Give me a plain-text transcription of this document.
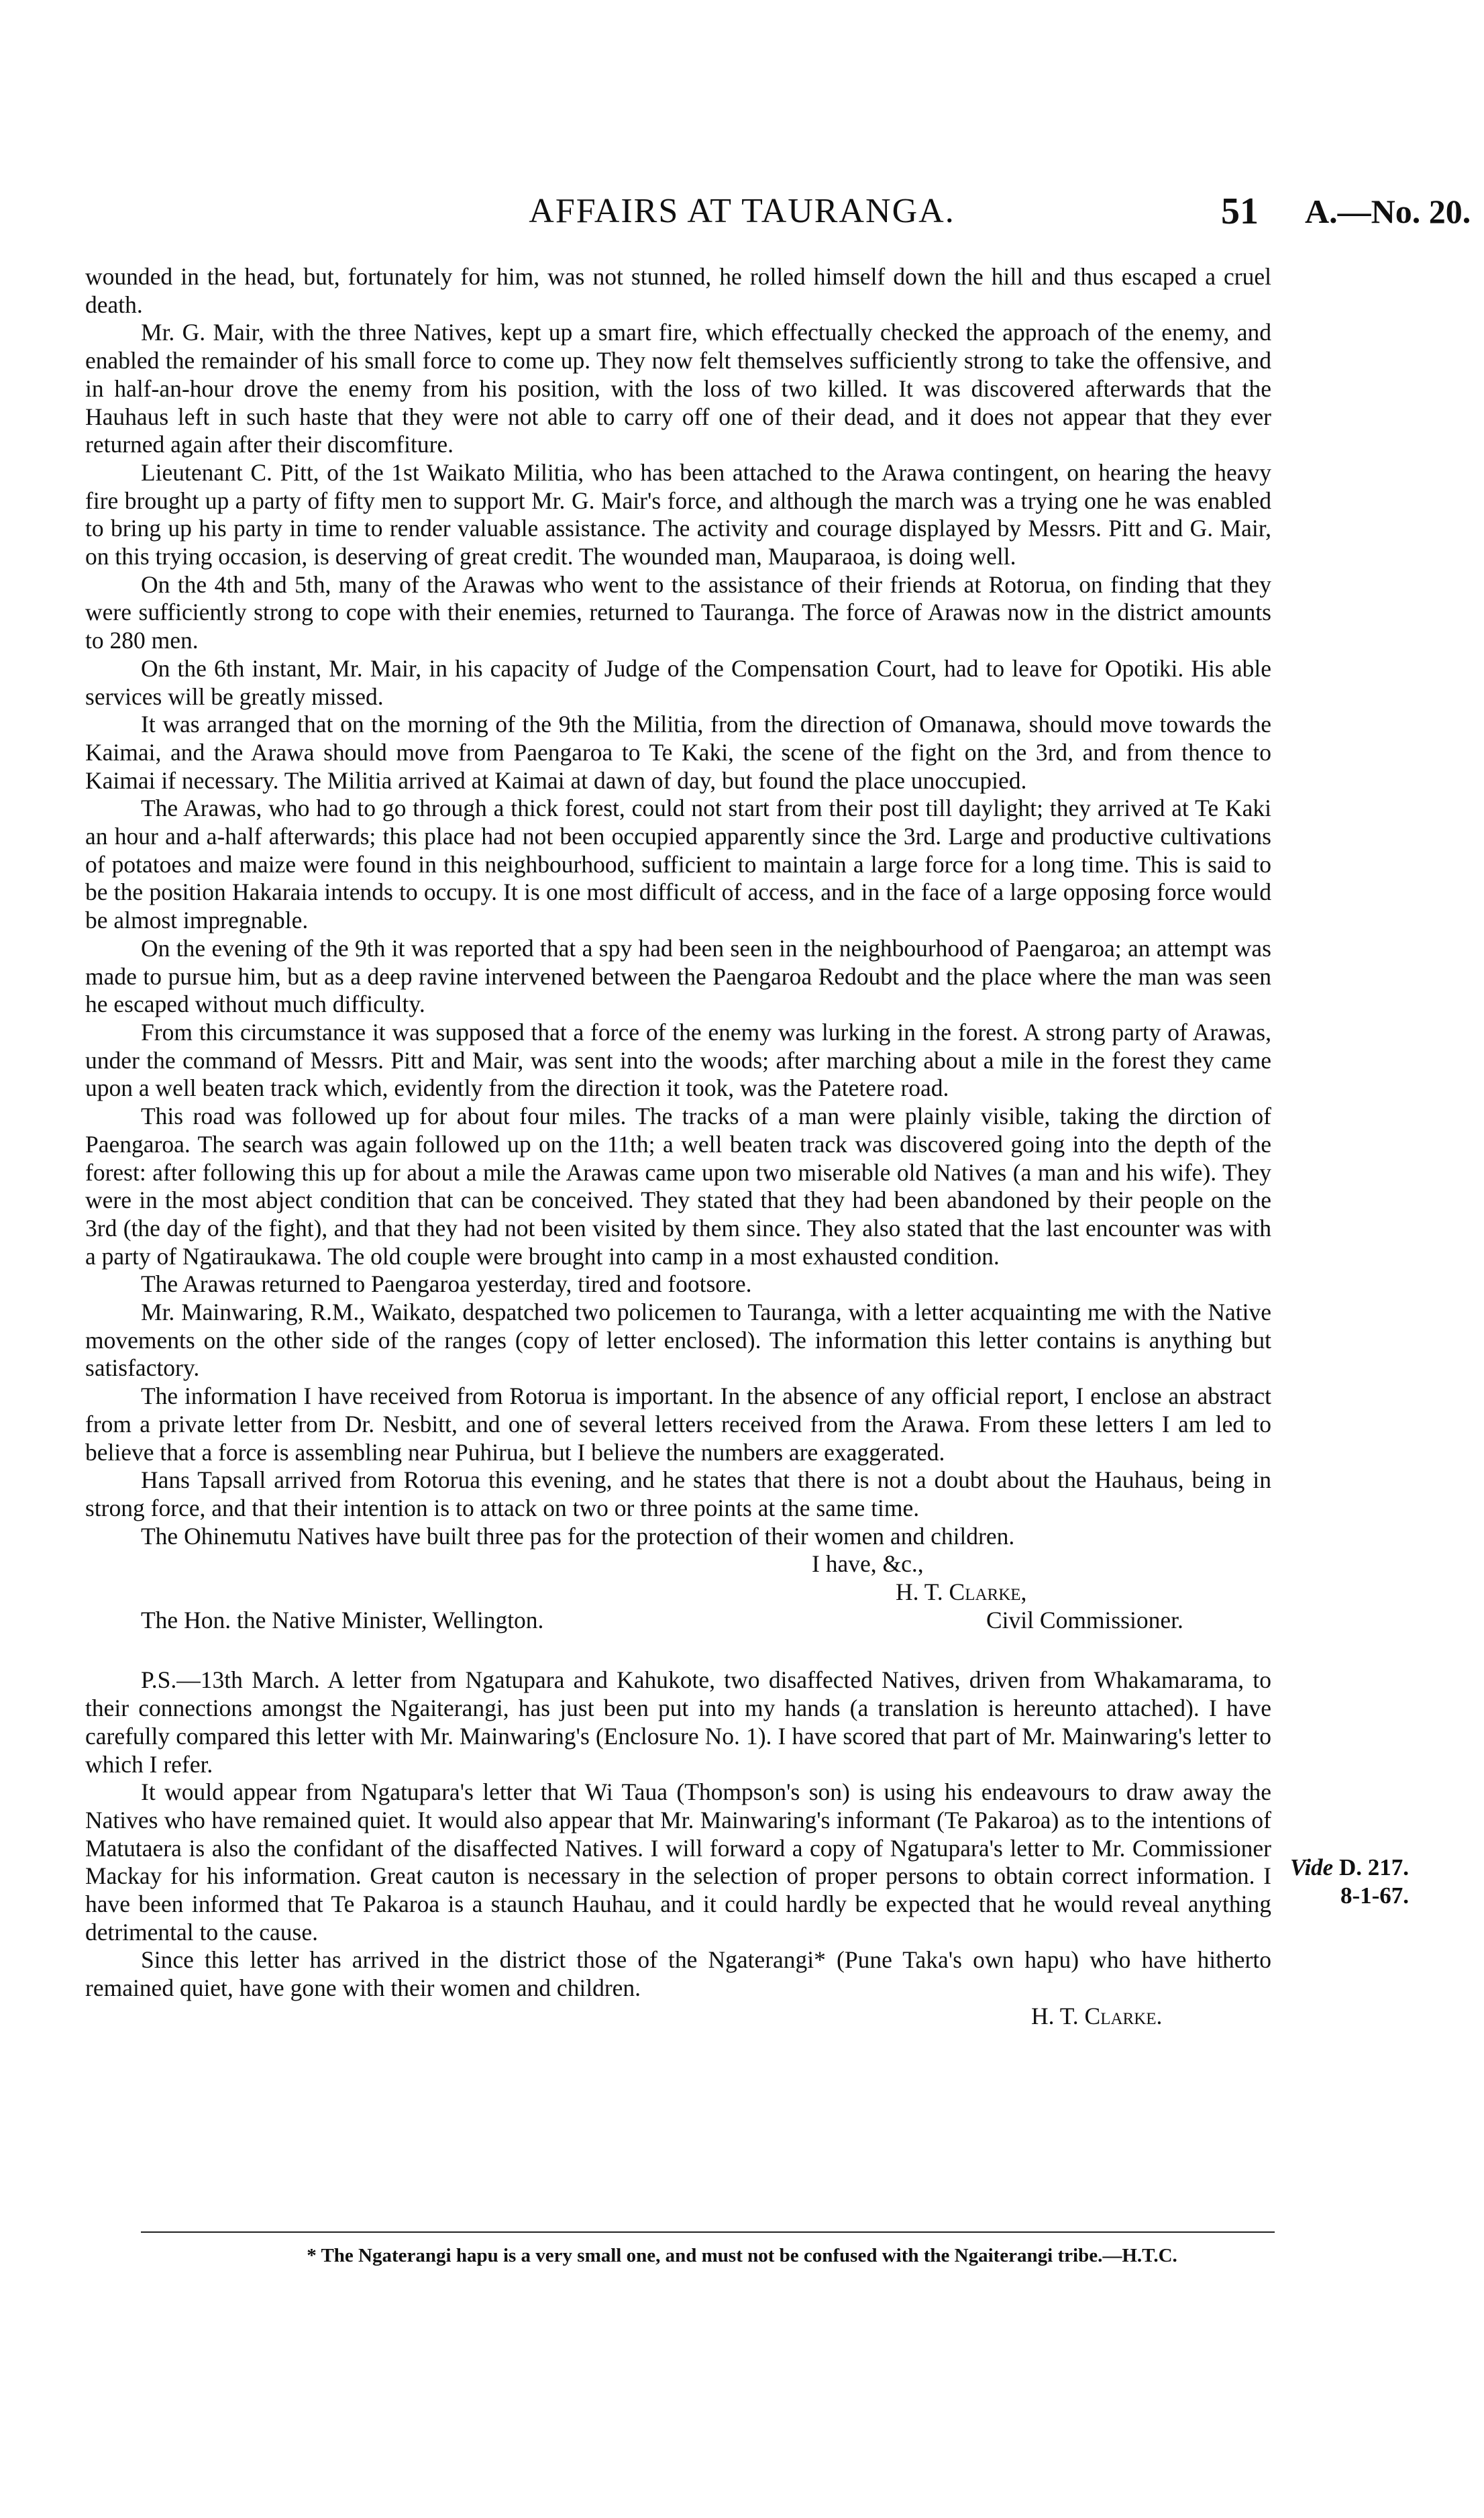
AFFAIRS AT TAURANGA.	51 A.—No. 20.

wounded in the head, but, fortunately for him, was not stunned, he rolled himself down the hill and thus escaped a cruel death.

Mr. G. Mair, with the three Natives, kept up a smart fire, which effectually checked the approach of the enemy, and enabled the remainder of his small force to come up. They now felt themselves sufficiently strong to take the offensive, and in half-an-hour drove the enemy from his position, with the loss of two killed. It was discovered afterwards that the Hauhaus left in such haste that they were not able to carry off one of their dead, and it does not appear that they ever returned again after their discomfiture.

Lieutenant C. Pitt, of the 1st Waikato Militia, who has been attached to the Arawa contingent, on hearing the heavy fire brought up a party of fifty men to support Mr. G. Mair's force, and although the march was a trying one he was enabled to bring up his party in time to render valuable assistance. The activity and courage displayed by Messrs. Pitt and G. Mair, on this trying occasion, is deserving of great credit. The wounded man, Mauparaoa, is doing well.

On the 4th and 5th, many of the Arawas who went to the assistance of their friends at Rotorua, on finding that they were sufficiently strong to cope with their enemies, returned to Tauranga. The force of Arawas now in the district amounts to 280 men.

On the 6th instant, Mr. Mair, in his capacity of Judge of the Compensation Court, had to leave for Opotiki. His able services will be greatly missed.

It was arranged that on the morning of the 9th the Militia, from the direction of Omanawa, should move towards the Kaimai, and the Arawa should move from Paengaroa to Te Kaki, the scene of the fight on the 3rd, and from thence to Kaimai if necessary. The Militia arrived at Kaimai at dawn of day, but found the place unoccupied.

The Arawas, who had to go through a thick forest, could not start from their post till daylight; they arrived at Te Kaki an hour and a-half afterwards; this place had not been occupied apparently since the 3rd. Large and productive cultivations of potatoes and maize were found in this neighbourhood, sufficient to maintain a large force for a long time. This is said to be the position Hakaraia intends to occupy. It is one most difficult of access, and in the face of a large opposing force would be almost impregnable.

On the evening of the 9th it was reported that a spy had been seen in the neighbourhood of Paengaroa; an attempt was made to pursue him, but as a deep ravine intervened between the Paengaroa Redoubt and the place where the man was seen he escaped without much difficulty.

From this circumstance it was supposed that a force of the enemy was lurking in the forest. A strong party of Arawas, under the command of Messrs. Pitt and Mair, was sent into the woods; after marching about a mile in the forest they came upon a well beaten track which, evidently from the direction it took, was the Patetere road.

This road was followed up for about four miles. The tracks of a man were plainly visible, taking the dirction of Paengaroa. The search was again followed up on the 11th; a well beaten track was discovered going into the depth of the forest: after following this up for about a mile the Arawas came upon two miserable old Natives (a man and his wife). They were in the most abject condition that can be conceived. They stated that they had been abandoned by their people on the 3rd (the day of the fight), and that they had not been visited by them since. They also stated that the last encounter was with a party of Ngatiraukawa. The old couple were brought into camp in a most exhausted condition.

The Arawas returned to Paengaroa yesterday, tired and footsore.

Mr. Mainwaring, R.M., Waikato, despatched two policemen to Tauranga, with a letter acquainting me with the Native movements on the other side of the ranges (copy of letter enclosed). The information this letter contains is anything but satisfactory.

The information I have received from Rotorua is important. In the absence of any official report, I enclose an abstract from a private letter from Dr. Nesbitt, and one of several letters received from the Arawa. From these letters I am led to believe that a force is assembling near Puhirua, but I believe the numbers are exaggerated.

Hans Tapsall arrived from Rotorua this evening, and he states that there is not a doubt about the Hauhaus, being in strong force, and that their intention is to attack on two or three points at the same time.

The Ohinemutu Natives have built three pas for the protection of their women and children.

I have, &c.,
H. T. Clarke,
The Hon. the Native Minister, Wellington.	Civil Commissioner.

P.S.—13th March. A letter from Ngatupara and Kahukote, two disaffected Natives, driven from Whakamarama, to their connections amongst the Ngaiterangi, has just been put into my hands (a translation is hereunto attached). I have carefully compared this letter with Mr. Mainwaring's (Enclosure No. 1). I have scored that part of Mr. Mainwaring's letter to which I refer.

It would appear from Ngatupara's letter that Wi Taua (Thompson's son) is using his endeavours to draw away the Natives who have remained quiet. It would also appear that Mr. Mainwaring's informant (Te Pakaroa) as to the intentions of Matutaera is also the confidant of the disaffected Natives. I will forward a copy of Ngatupara's letter to Mr. Commissioner Mackay for his information. Great cauton is necessary in the selection of proper persons to obtain correct information. I have been informed that Te Pakaroa is a staunch Hauhau, and it could hardly be expected that he would reveal anything detrimental to the cause.

Since this letter has arrived in the district those of the Ngaterangi* (Pune Taka's own hapu) who have hitherto remained quiet, have gone with their women and children.

H. T. Clarke.
Vide D. 217.
8-1-67.
* The Ngaterangi hapu is a very small one, and must not be confused with the Ngaiterangi tribe.—H.T.C.
